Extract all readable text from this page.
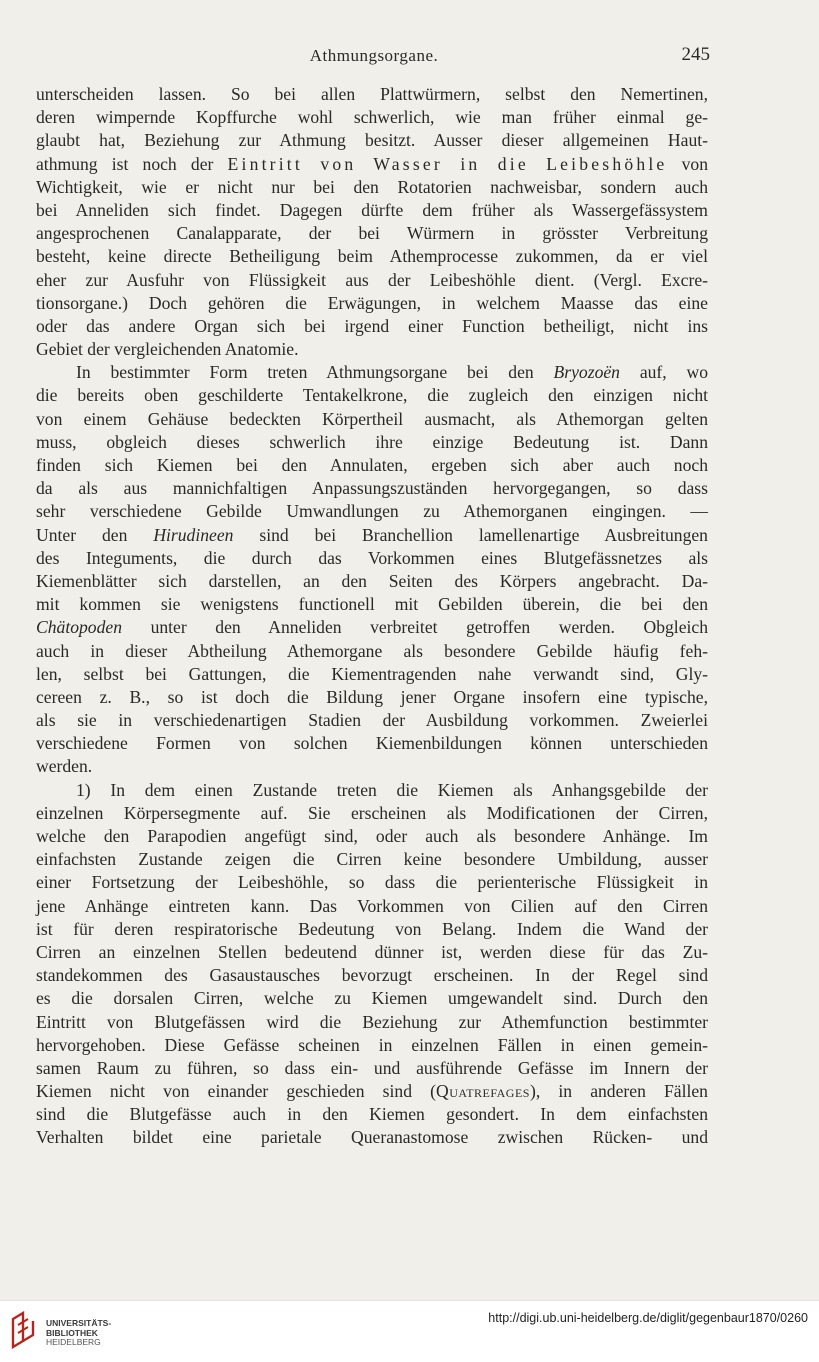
Athmungsorgane.	245
unterscheiden lassen. So bei allen Plattwürmern, selbst den Nemertinen,
deren wimpernde Kopffurche wohl schwerlich, wie man früher einmal ge-
glaubt hat, Beziehung zur Athmung besitzt. Ausser dieser allgemeinen Haut-
athmung ist noch der Eintritt von Wasser in die Leibeshöhle von
Wichtigkeit, wie er nicht nur bei den Rotatorien nachweisbar, sondern auch
bei Anneliden sich findet. Dagegen dürfte dem früher als Wassergefässystem
angesprochenen Canalapparate, der bei Würmern in grösster Verbreitung
besteht, keine directe Betheiligung beim Athemprocesse zukommen, da er viel
eher zur Ausfuhr von Flüssigkeit aus der Leibeshöhle dient. (Vergl. Excre-
tionsorgane.) Doch gehören die Erwägungen, in welchem Maasse das eine
oder das andere Organ sich bei irgend einer Function betheiligt, nicht ins
Gebiet der vergleichenden Anatomie.
In bestimmter Form treten Athmungsorgane bei den Bryozoën auf, wo
die bereits oben geschilderte Tentakelkrone, die zugleich den einzigen nicht
von einem Gehäuse bedeckten Körpertheil ausmacht, als Athemorgan gelten
muss, obgleich dieses schwerlich ihre einzige Bedeutung ist. Dann
finden sich Kiemen bei den Annulaten, ergeben sich aber auch noch
da als aus mannichfaltigen Anpassungszuständen hervorgegangen, so dass
sehr verschiedene Gebilde Umwandlungen zu Athemorganen eingingen. —
Unter den Hirudineen sind bei Branchellion lamellenartige Ausbreitungen
des Integuments, die durch das Vorkommen eines Blutgefässnetzes als
Kiemenblätter sich darstellen, an den Seiten des Körpers angebracht. Da-
mit kommen sie wenigstens functionell mit Gebilden überein, die bei den
Chätopoden unter den Anneliden verbreitet getroffen werden. Obgleich
auch in dieser Abtheilung Athemorgane als besondere Gebilde häufig feh-
len, selbst bei Gattungen, die Kiementragenden nahe verwandt sind, Gly-
cereen z. B., so ist doch die Bildung jener Organe insofern eine typische,
als sie in verschiedenartigen Stadien der Ausbildung vorkommen. Zweierlei
verschiedene Formen von solchen Kiemenbildungen können unterschieden
werden.
1) In dem einen Zustande treten die Kiemen als Anhangsgebilde der
einzelnen Körpersegmente auf. Sie erscheinen als Modificationen der Cirren,
welche den Parapodien angefügt sind, oder auch als besondere Anhänge. Im
einfachsten Zustande zeigen die Cirren keine besondere Umbildung, ausser
einer Fortsetzung der Leibeshöhle, so dass die perienterische Flüssigkeit in
jene Anhänge eintreten kann. Das Vorkommen von Cilien auf den Cirren
ist für deren respiratorische Bedeutung von Belang. Indem die Wand der
Cirren an einzelnen Stellen bedeutend dünner ist, werden diese für das Zu-
standekommen des Gasaustausches bevorzugt erscheinen. In der Regel sind
es die dorsalen Cirren, welche zu Kiemen umgewandelt sind. Durch den
Eintritt von Blutgefässen wird die Beziehung zur Athemfunction bestimmter
hervorgehoben. Diese Gefässe scheinen in einzelnen Fällen in einen gemein-
samen Raum zu führen, so dass ein- und ausführende Gefässe im Innern der
Kiemen nicht von einander geschieden sind (Quatrefages), in anderen Fällen
sind die Blutgefässe auch in den Kiemen gesondert. In dem einfachsten
Verhalten bildet eine parietale Queranastomose zwischen Rücken- und
UNIVERSITÄTS-
BIBLIOTHEK
HEIDELBERG
http://digi.ub.uni-heidelberg.de/diglit/gegenbaur1870/0260
